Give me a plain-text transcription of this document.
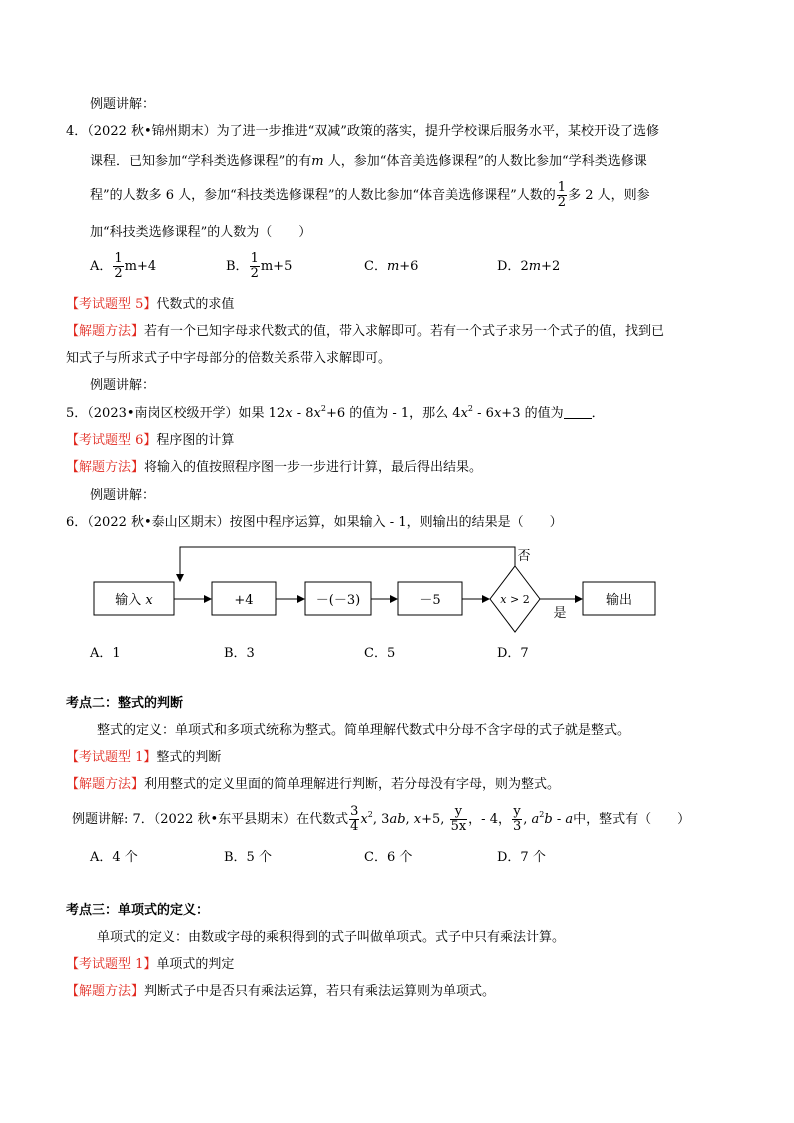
例题讲解：
4．（2022 秋•锦州期末）为了进一步推进“双减”政策的落实，提升学校课后服务水平，某校开设了选修
课程．已知参加“学科类选修课程”的有m 人，参加“体音美选修课程”的人数比参加“学科类选修课
程”的人数多 6 人，参加“科技类选修课程”的人数比参加“体音美选修课程”人数的 $\frac{1}{2}$ 多 2 人，则参
加“科技类选修课程”的人数为（　　）
A． $\frac{1}{2} m+4$	B． $\frac{1}{2} m+5$	C．m+6	D．2m+2
【考试题型 5】代数式的求值
【解题方法】若有一个已知字母求代数式的值，带入求解即可。若有一个式子求另一个式子的值，找到已
知式子与所求式子中字母部分的倍数关系带入求解即可。
例题讲解：
5．（2023•南岗区校级开学）如果 $12x - 8x^2+6$ 的值为 - 1，那么 $4x^2 - 6x+3$ 的值为 ．
【考试题型 6】程序图的计算
【解题方法】将输入的值按照程序图一步一步进行计算，最后得出结果。
例题讲解：
6．（2022 秋•泰山区期末）按图中程序运算，如果输入 - 1，则输出的结果是（　　）
输入 x	+4	－(－3)	－5	x > 2	输出
是
否
A．1	B．3	C．5	D．7
考点二：整式的判断
整式的定义：单项式和多项式统称为整式。简单理解代数式中分母不含字母的式子就是整式。
【考试题型 1】整式的判断
【解题方法】利用整式的定义里面的简单理解进行判断，若分母没有字母，则为整式。
例题讲解: 7．（2022 秋•东平县期末）在代数式 $\frac{3}{4} x^2$, 3ab, x+5, $\frac{y}{5x}$ ，- 4， $\frac{y}{3}$ , $a^2b$ - a中，整式有（　　）
A．4 个	B．5 个	C．6 个	D．7 个
考点三：单项式的定义：
单项式的定义：由数或字母的乘积得到的式子叫做单项式。式子中只有乘法计算。
【考试题型 1】单项式的判定
【解题方法】判断式子中是否只有乘法运算，若只有乘法运算则为单项式。
